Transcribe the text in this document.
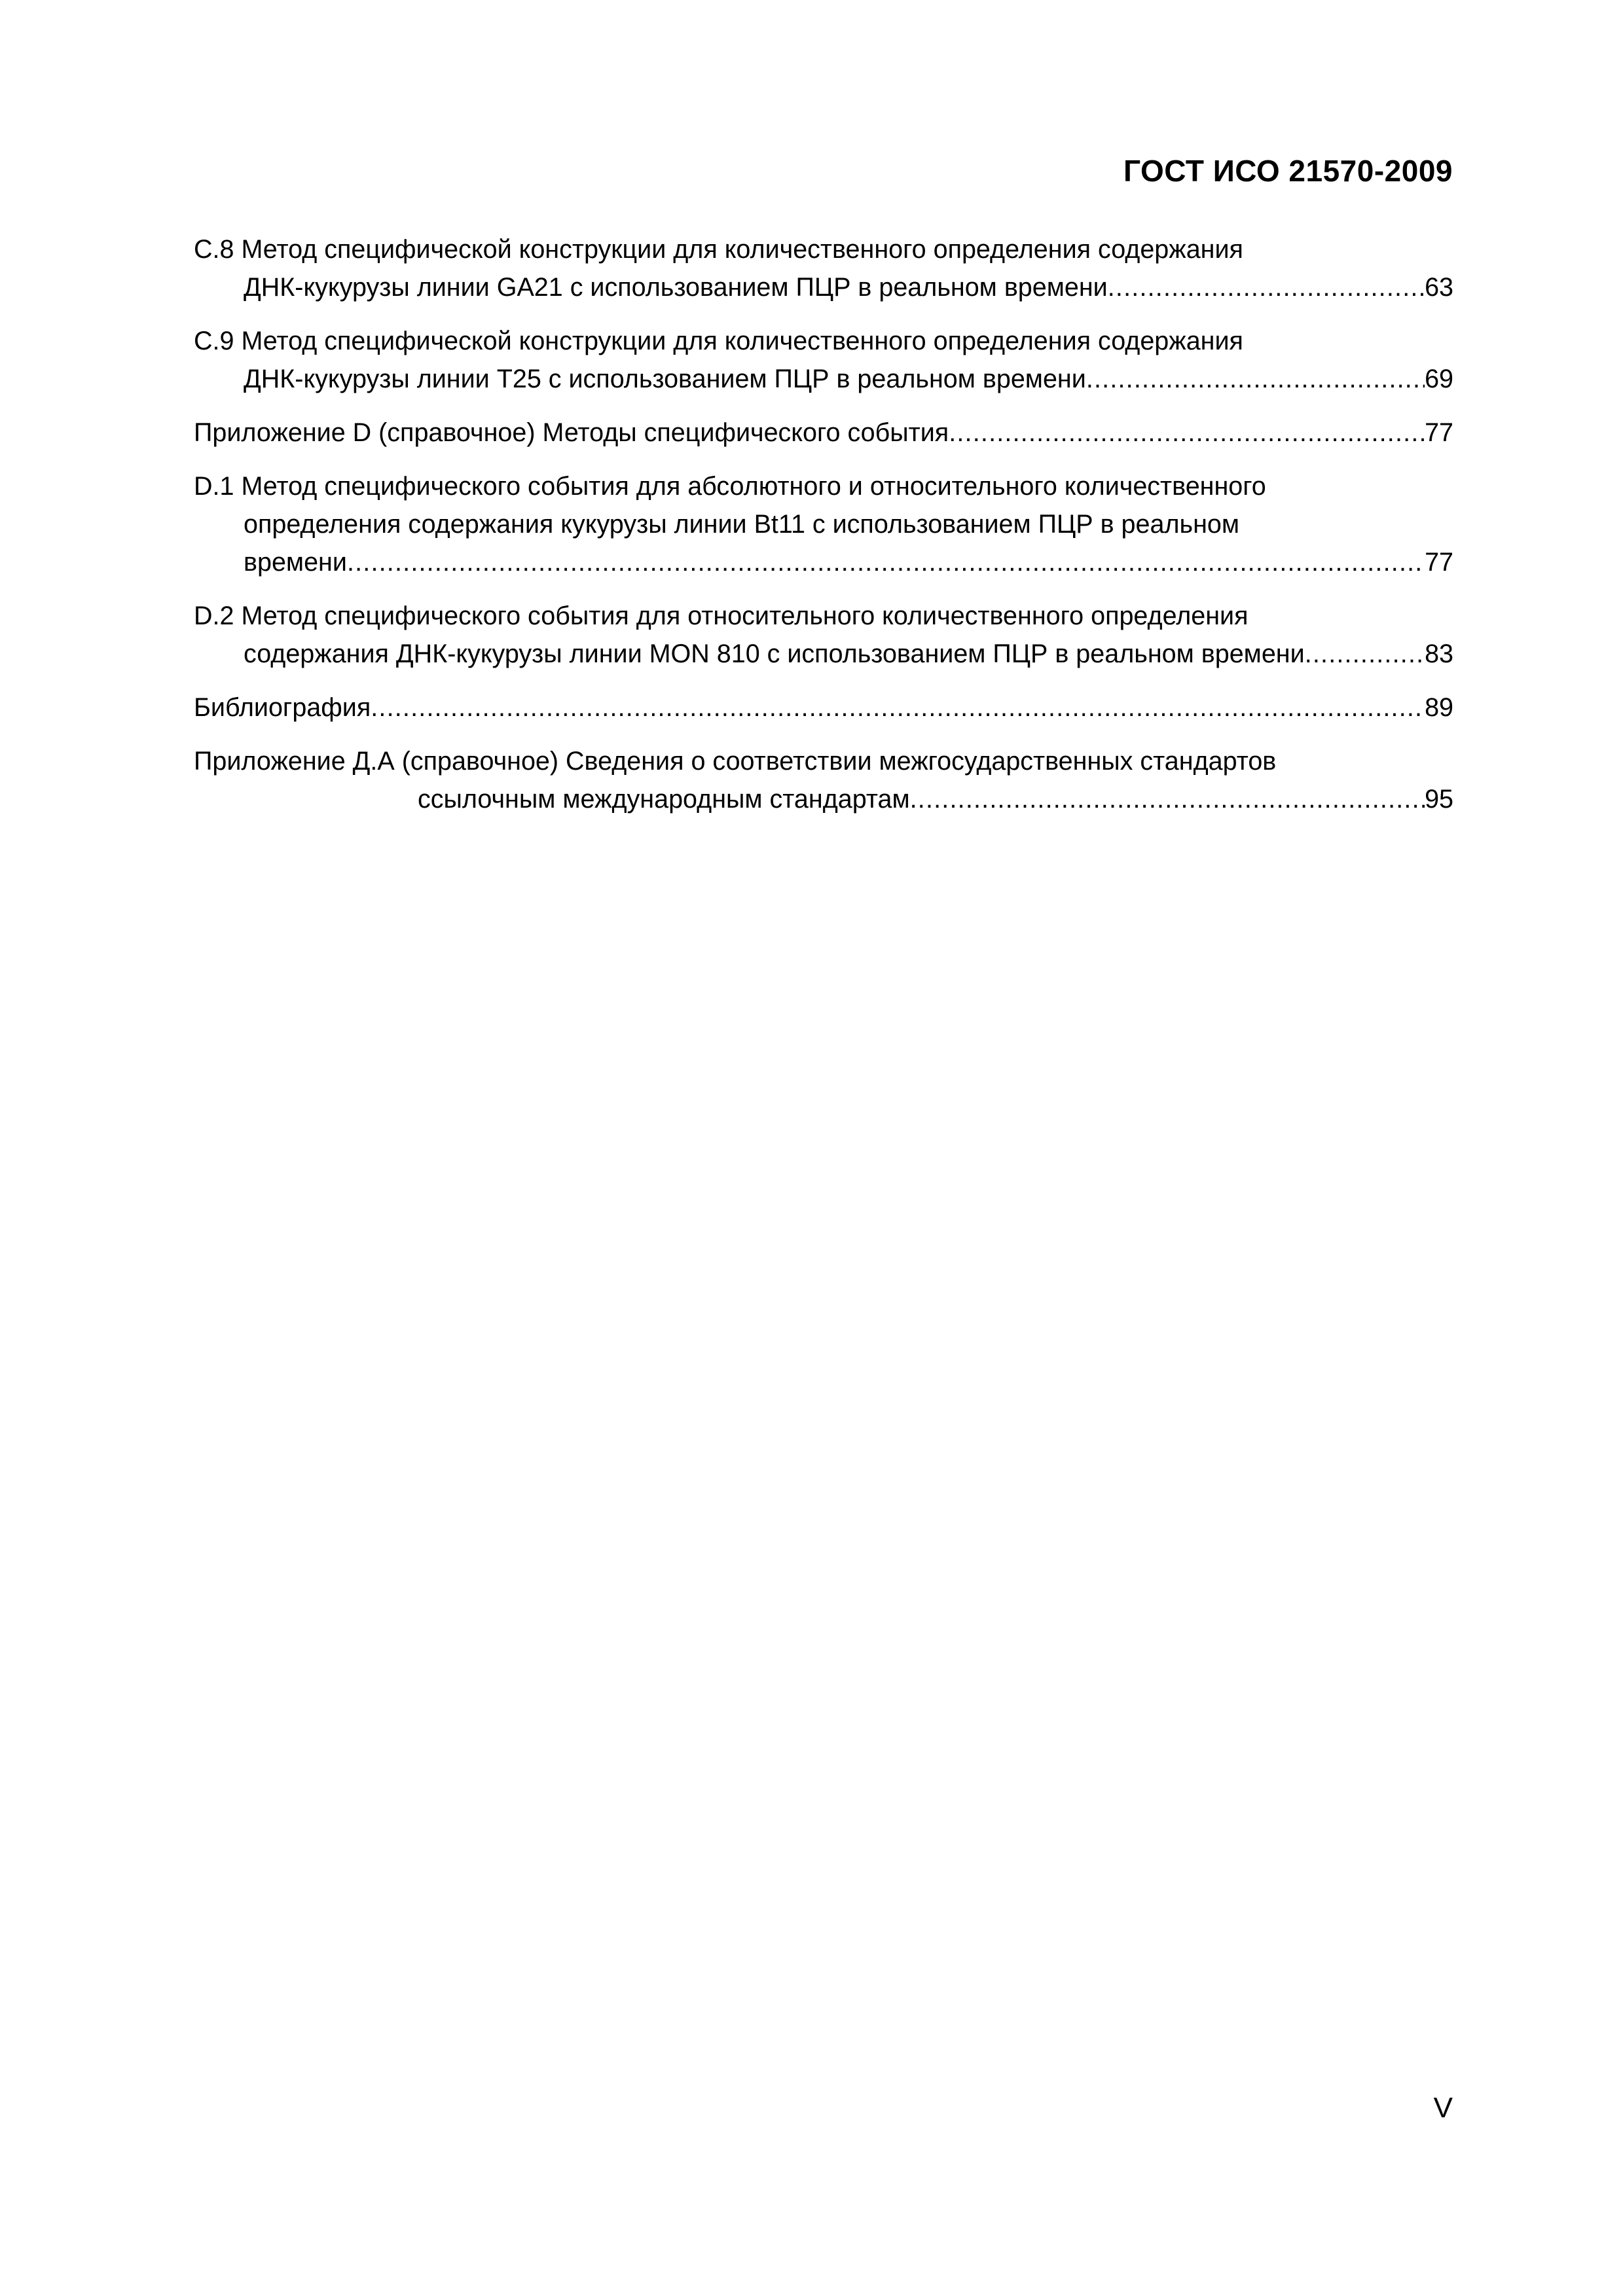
ГОСТ ИСО 21570-2009
C.8 Метод специфической конструкции для количественного определения содержания
ДНК-кукурузы линии GA21 с использованием ПЦР в реальном времени .....	63
C.9 Метод специфической конструкции для количественного определения содержания
ДНК-кукурузы линии T25 с использованием ПЦР в реальном времени .....	69
Приложение D (справочное) Методы специфического события .....	77
D.1 Метод специфического события для абсолютного и относительного количественного
определения содержания кукурузы линии Bt11 с использованием ПЦР в реальном
времени .....	77
D.2 Метод специфического события для относительного количественного определения
содержания ДНК-кукурузы линии MON 810 с использованием ПЦР в реальном времени .....	83
Библиография .....	89
Приложение Д.А (справочное) Сведения о соответствии межгосударственных стандартов
ссылочным международным стандартам .....	95
V
